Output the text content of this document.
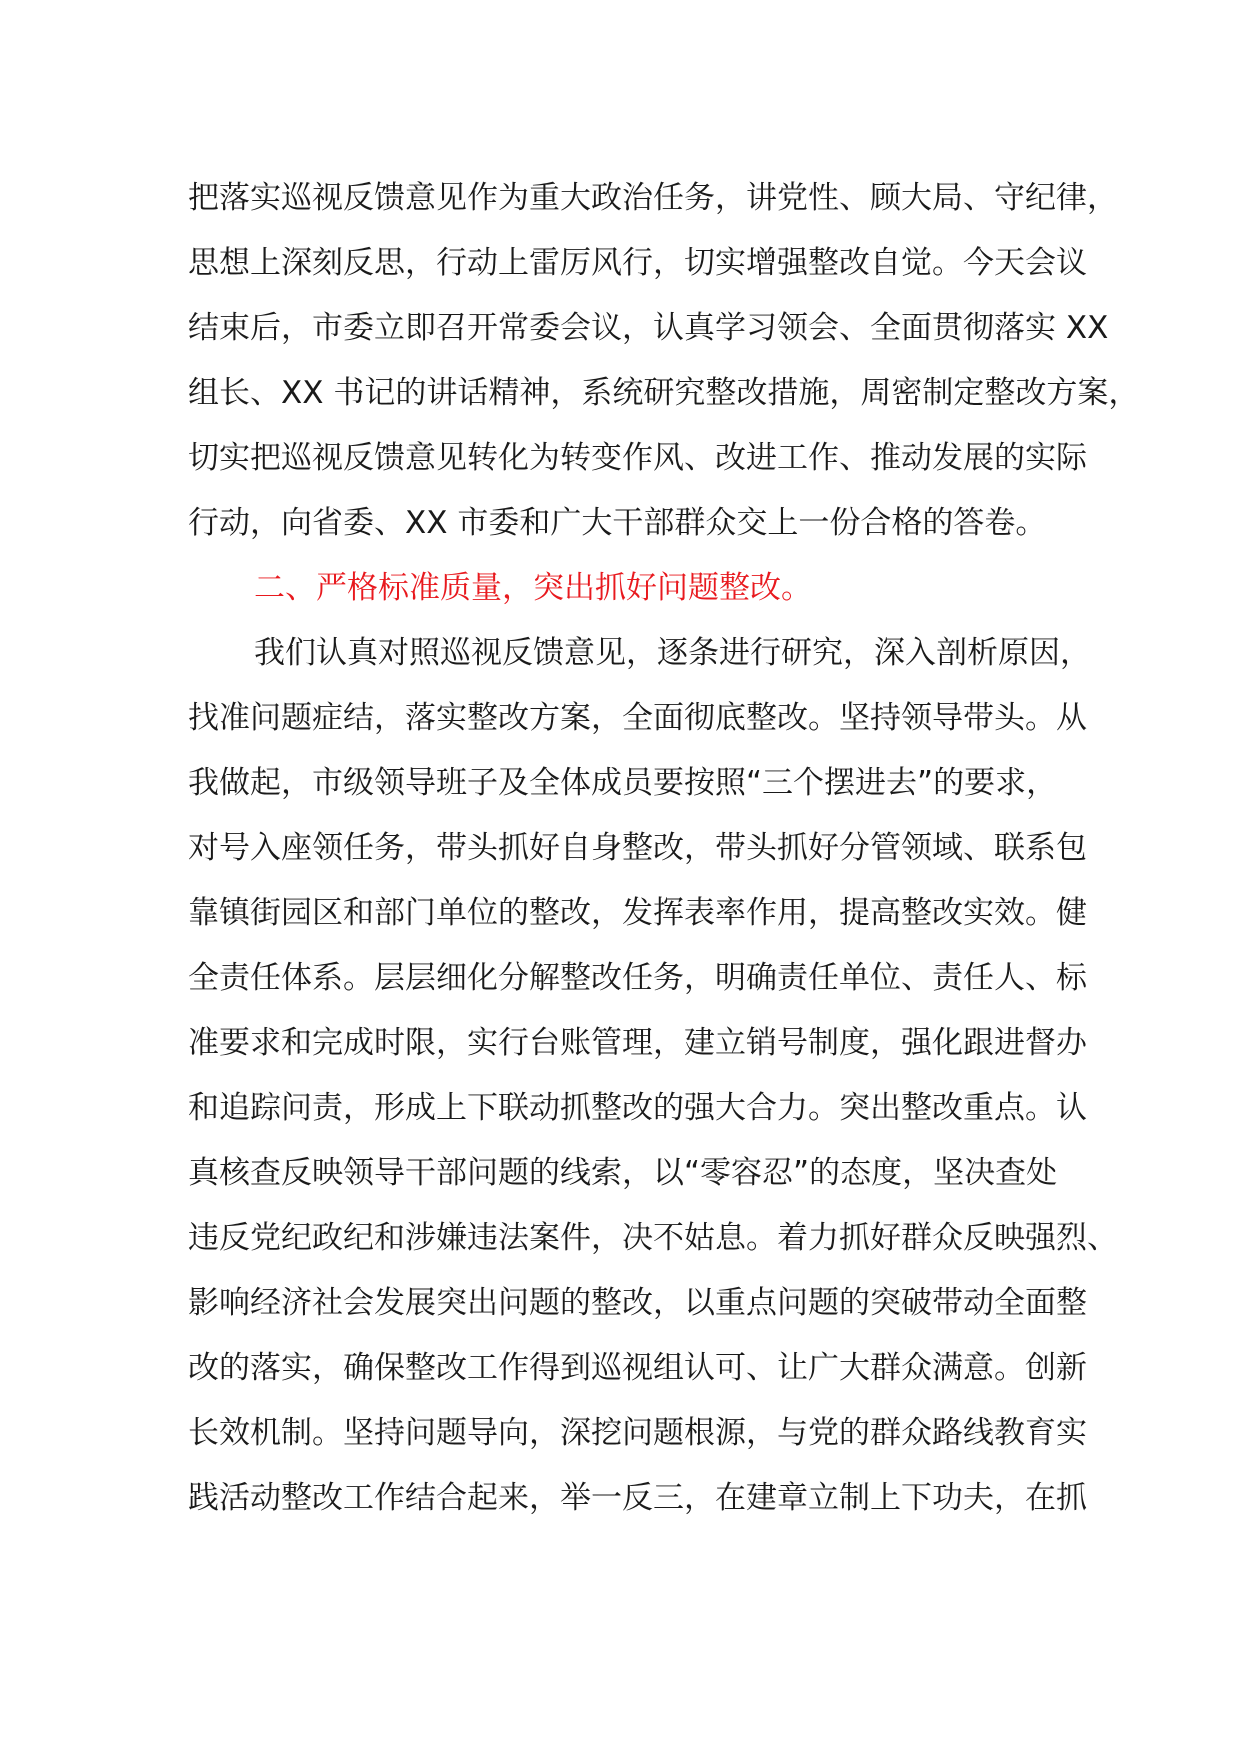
把落实巡视反馈意见作为重大政治任务，讲党性、顾大局、守纪律，
思想上深刻反思，行动上雷厉风行，切实增强整改自觉。今天会议
结束后，市委立即召开常委会议，认真学习领会、全面贯彻落实 XX
组长、XX 书记的讲话精神，系统研究整改措施，周密制定整改方案，
切实把巡视反馈意见转化为转变作风、改进工作、推动发展的实际
行动，向省委、XX 市委和广大干部群众交上一份合格的答卷。
二、严格标准质量，突出抓好问题整改。
我们认真对照巡视反馈意见，逐条进行研究，深入剖析原因，
找准问题症结，落实整改方案，全面彻底整改。坚持领导带头。从
我做起，市级领导班子及全体成员要按照“三个摆进去”的要求，
对号入座领任务，带头抓好自身整改，带头抓好分管领域、联系包
靠镇街园区和部门单位的整改，发挥表率作用，提高整改实效。健
全责任体系。层层细化分解整改任务，明确责任单位、责任人、标
准要求和完成时限，实行台账管理，建立销号制度，强化跟进督办
和追踪问责，形成上下联动抓整改的强大合力。突出整改重点。认
真核查反映领导干部问题的线索，以“零容忍”的态度，坚决查处
违反党纪政纪和涉嫌违法案件，决不姑息。着力抓好群众反映强烈、
影响经济社会发展突出问题的整改，以重点问题的突破带动全面整
改的落实，确保整改工作得到巡视组认可、让广大群众满意。创新
长效机制。坚持问题导向，深挖问题根源，与党的群众路线教育实
践活动整改工作结合起来，举一反三，在建章立制上下功夫，在抓
